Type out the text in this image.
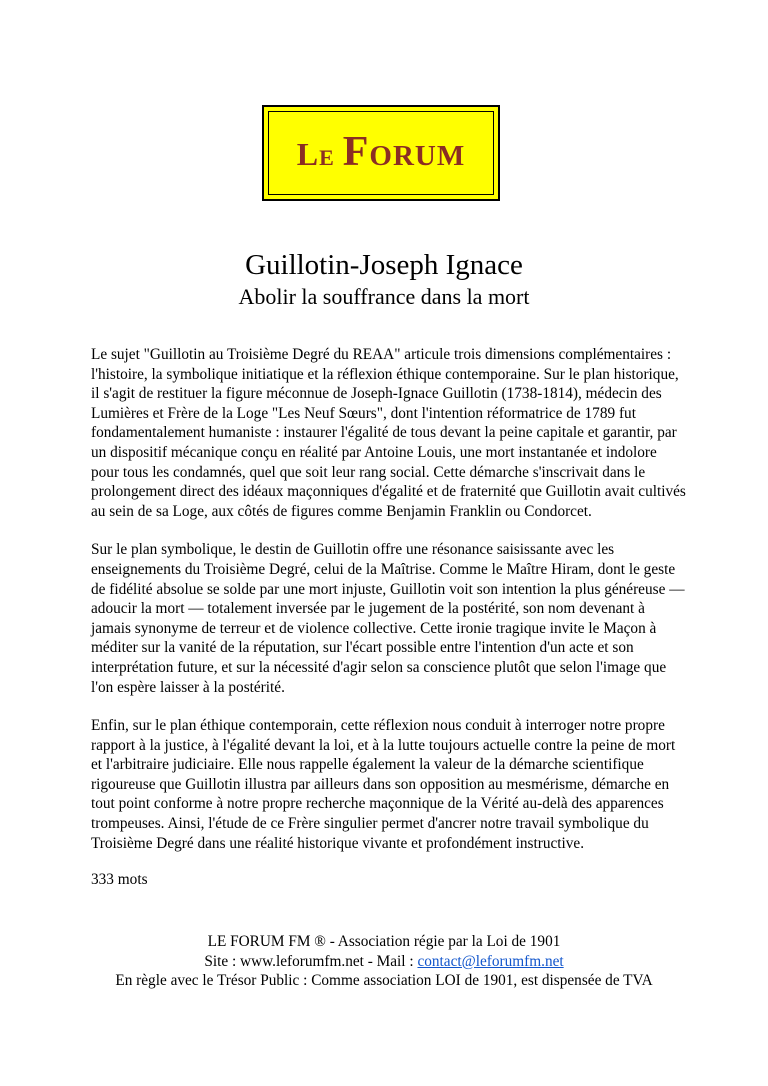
Le Forum
Guillotin-Joseph Ignace
Abolir la souffrance dans la mort

Le sujet "Guillotin au Troisième Degré du REAA" articule trois dimensions complémentaires : l'histoire, la symbolique initiatique et la réflexion éthique contemporaine. Sur le plan historique, il s'agit de restituer la figure méconnue de Joseph-Ignace Guillotin (1738-1814), médecin des Lumières et Frère de la Loge "Les Neuf Sœurs", dont l'intention réformatrice de 1789 fut fondamentalement humaniste : instaurer l'égalité de tous devant la peine capitale et garantir, par un dispositif mécanique conçu en réalité par Antoine Louis, une mort instantanée et indolore pour tous les condamnés, quel que soit leur rang social. Cette démarche s'inscrivait dans le prolongement direct des idéaux maçonniques d'égalité et de fraternité que Guillotin avait cultivés au sein de sa Loge, aux côtés de figures comme Benjamin Franklin ou Condorcet.

Sur le plan symbolique, le destin de Guillotin offre une résonance saisissante avec les enseignements du Troisième Degré, celui de la Maîtrise. Comme le Maître Hiram, dont le geste de fidélité absolue se solde par une mort injuste, Guillotin voit son intention la plus généreuse — adoucir la mort — totalement inversée par le jugement de la postérité, son nom devenant à jamais synonyme de terreur et de violence collective. Cette ironie tragique invite le Maçon à méditer sur la vanité de la réputation, sur l'écart possible entre l'intention d'un acte et son interprétation future, et sur la nécessité d'agir selon sa conscience plutôt que selon l'image que l'on espère laisser à la postérité.

Enfin, sur le plan éthique contemporain, cette réflexion nous conduit à interroger notre propre rapport à la justice, à l'égalité devant la loi, et à la lutte toujours actuelle contre la peine de mort et l'arbitraire judiciaire. Elle nous rappelle également la valeur de la démarche scientifique rigoureuse que Guillotin illustra par ailleurs dans son opposition au mesmérisme, démarche en tout point conforme à notre propre recherche maçonnique de la Vérité au-delà des apparences trompeuses. Ainsi, l'étude de ce Frère singulier permet d'ancrer notre travail symbolique du Troisième Degré dans une réalité historique vivante et profondément instructive.

333 mots
LE FORUM FM ® - Association régie par la Loi de 1901
Site : www.leforumfm.net - Mail : contact@leforumfm.net
En règle avec le Trésor Public : Comme association LOI de 1901, est dispensée de TVA
